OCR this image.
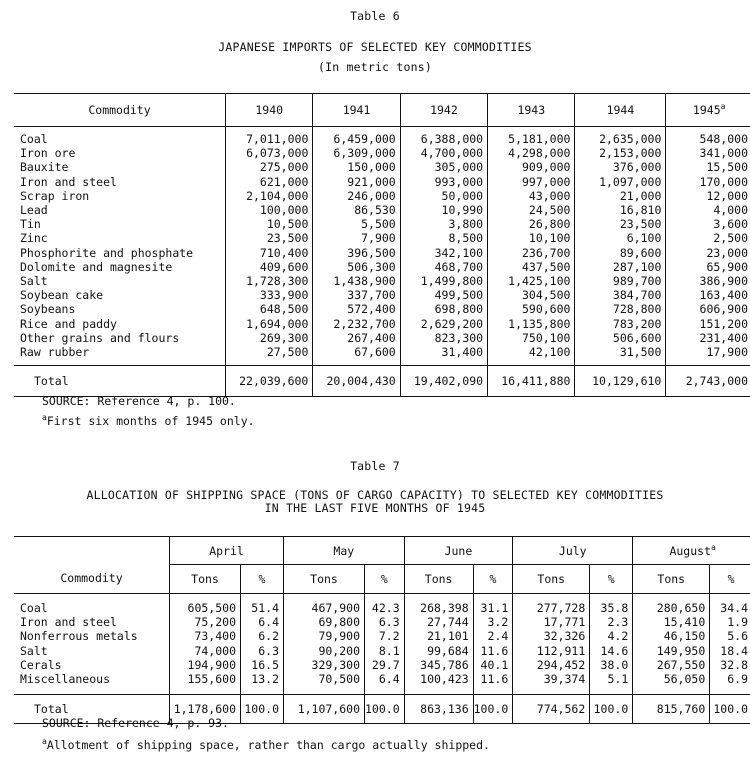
Table 6
JAPANESE IMPORTS OF SELECTED KEY COMMODITIES
(In metric tons)
Commodity	1940	1941	1942	1943	1944	1945$^a$
Coal	7,011,000	6,459,000	6,388,000	5,181,000	2,635,000	548,000
Iron ore	6,073,000	6,309,000	4,700,000	4,298,000	2,153,000	341,000
Bauxite	275,000	150,000	305,000	909,000	376,000	15,500
Iron and steel	621,000	921,000	993,000	997,000	1,097,000	170,000
Scrap iron	2,104,000	246,000	50,000	43,000	21,000	12,000
Lead	100,000	86,530	10,990	24,500	16,810	4,000
Tin	10,500	5,500	3,800	26,800	23,500	3,600
Zinc	23,500	7,900	8,500	10,100	6,100	2,500
Phosphorite and phosphate	710,400	396,500	342,100	236,700	89,600	23,000
Dolomite and magnesite	409,600	506,300	468,700	437,500	287,100	65,900
Salt	1,728,300	1,438,900	1,499,800	1,425,100	989,700	386,900
Soybean cake	333,900	337,700	499,500	304,500	384,700	163,400
Soybeans	648,500	572,400	698,800	590,600	728,800	606,900
Rice and paddy	1,694,000	2,232,700	2,629,200	1,135,800	783,200	151,200
Other grains and flours	269,300	267,400	823,300	750,100	506,600	231,400
Raw rubber	27,500	67,600	31,400	42,100	31,500	17,900
Total	22,039,600	20,004,430	19,402,090	16,411,880	10,129,610	2,743,000
SOURCE: Reference 4, p. 100.
$^a$First six months of 1945 only.
Table 7
ALLOCATION OF SHIPPING SPACE (TONS OF CARGO CAPACITY) TO SELECTED KEY COMMODITIES
IN THE LAST FIVE MONTHS OF 1945
Commodity	April		May		June		July		August$^a$
	Tons	%	Tons	%	Tons	%	Tons	%	Tons	%
Coal	605,500	51.4	467,900	42.3	268,398	31.1	277,728	35.8	280,650	34.4
Iron and steel	75,200	6.4	69,800	6.3	27,744	3.2	17,771	2.3	15,410	1.9
Nonferrous metals	73,400	6.2	79,900	7.2	21,101	2.4	32,326	4.2	46,150	5.6
Salt	74,000	6.3	90,200	8.1	99,684	11.6	112,911	14.6	149,950	18.4
Cerals	194,900	16.5	329,300	29.7	345,786	40.1	294,452	38.0	267,550	32.8
Miscellaneous	155,600	13.2	70,500	6.4	100,423	11.6	39,374	5.1	56,050	6.9
Total	1,178,600	100.0	1,107,600	100.0	863,136	100.0	774,562	100.0	815,760	100.0
SOURCE: Reference 4, p. 93.
$^a$Allotment of shipping space, rather than cargo actually shipped.
